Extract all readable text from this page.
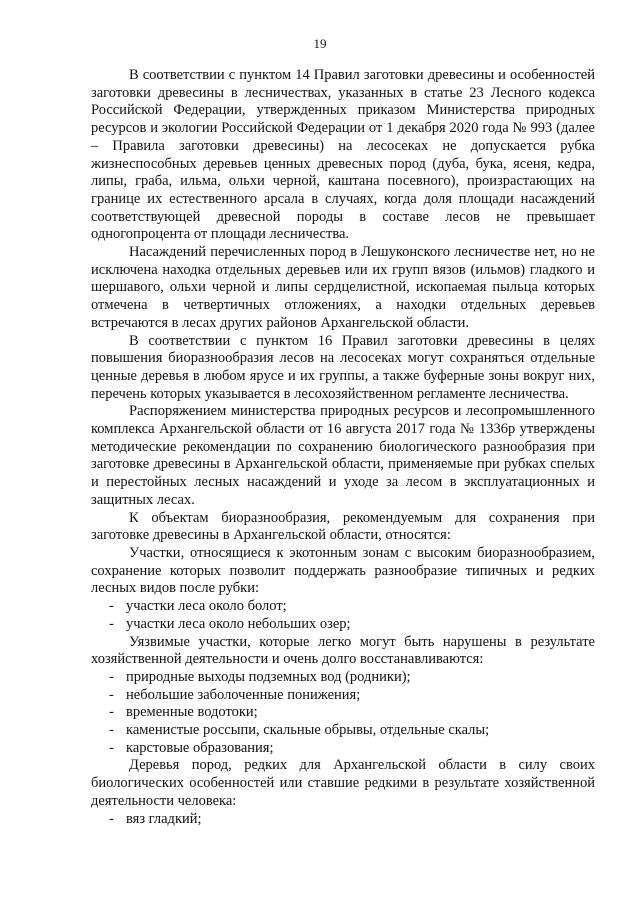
19

В соответствии с пунктом 14 Правил заготовки древесины и особенностей заготовки древесины в лесничествах, указанных в статье 23 Лесного кодекса Российской Федерации, утвержденных приказом Министерства природных ресурсов и экологии Российской Федерации от 1 декабря 2020 года № 993 (далее – Правила заготовки древесины) на лесосеках не допускается рубка жизнеспособных деревьев ценных древесных пород (дуба, бука, ясеня, кедра, липы, граба, ильма, ольхи черной, каштана посевного), произрастающих на границе их естественного арсала в случаях, когда доля площади насаждений соответствующей древесной породы в составе лесов не превышает одногопроцента от площади лесничества.

Насаждений перечисленных пород в Лешуконского лесничестве нет, но не исключена находка отдельных деревьев или их групп вязов (ильмов) гладкого и шершавого, ольхи черной и липы сердцелистной, ископаемая пыльца которых отмечена в четвертичных отложениях, а находки отдельных деревьев встречаются в лесах других районов Архангельской области.

В соответствии с пунктом 16 Правил заготовки древесины в целях повышения биоразнообразия лесов на лесосеках могут сохраняться отдельные ценные деревья в любом ярусе и их группы, а также буферные зоны вокруг них, перечень которых указывается в лесохозяйственном регламенте лесничества.

Распоряжением министерства природных ресурсов и лесопромышленного комплекса Архангельской области от 16 августа 2017 года № 1336р утверждены методические рекомендации по сохранению биологического разнообразия при заготовке древесины в Архангельской области, применяемые при рубках спелых и перестойных лесных насаждений и уходе за лесом в эксплуатационных и защитных лесах.

К объектам биоразнообразия, рекомендуемым для сохранения при заготовке древесины в Архангельской области, относятся:

Участки, относящиеся к экотонным зонам с высоким биоразнообразием, сохранение которых позволит поддержать разнообразие типичных и редких лесных видов после рубки:

- участки леса около болот;

- участки леса около небольших озер;

Уязвимые участки, которые легко могут быть нарушены в результате хозяйственной деятельности и очень долго восстанавливаются:

- природные выходы подземных вод (родники);

- небольшие заболоченные понижения;

- временные водотоки;

- каменистые россыпи, скальные обрывы, отдельные скалы;

- карстовые образования;

Деревья пород, редких для Архангельской области в силу своих биологических особенностей или ставшие редкими в результате хозяйственной деятельности человека:

- вяз гладкий;
